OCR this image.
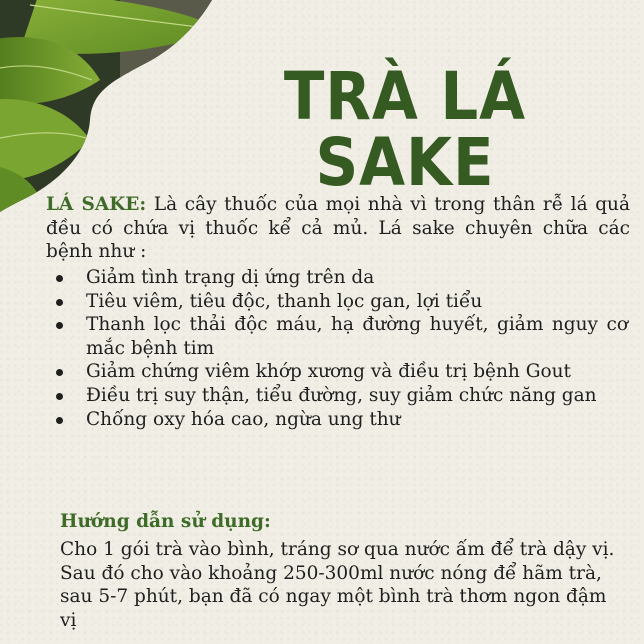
TRÀ LÁ SAKE

LÁ SAKE: Là cây thuốc của mọi nhà vì trong thân rễ lá quả đều có chứa vị thuốc kể cả mủ. Lá sake chuyên chữa các bệnh như :

Giảm tình trạng dị ứng trên da
Tiêu viêm, tiêu độc, thanh lọc gan, lợi tiểu
Thanh lọc thải độc máu, hạ đường huyết, giảm nguy cơ mắc bệnh tim
Giảm chứng viêm khớp xương và điều trị bệnh Gout
Điều trị suy thận, tiểu đường, suy giảm chức năng gan
Chống oxy hóa cao, ngừa ung thư
Hướng dẫn sử dụng:

Cho 1 gói trà vào bình, tráng sơ qua nước ấm để trà dậy vị. Sau đó cho vào khoảng 250-300ml nước nóng để hãm trà, sau 5-7 phút, bạn đã có ngay một bình trà thơm ngon đậm vị
